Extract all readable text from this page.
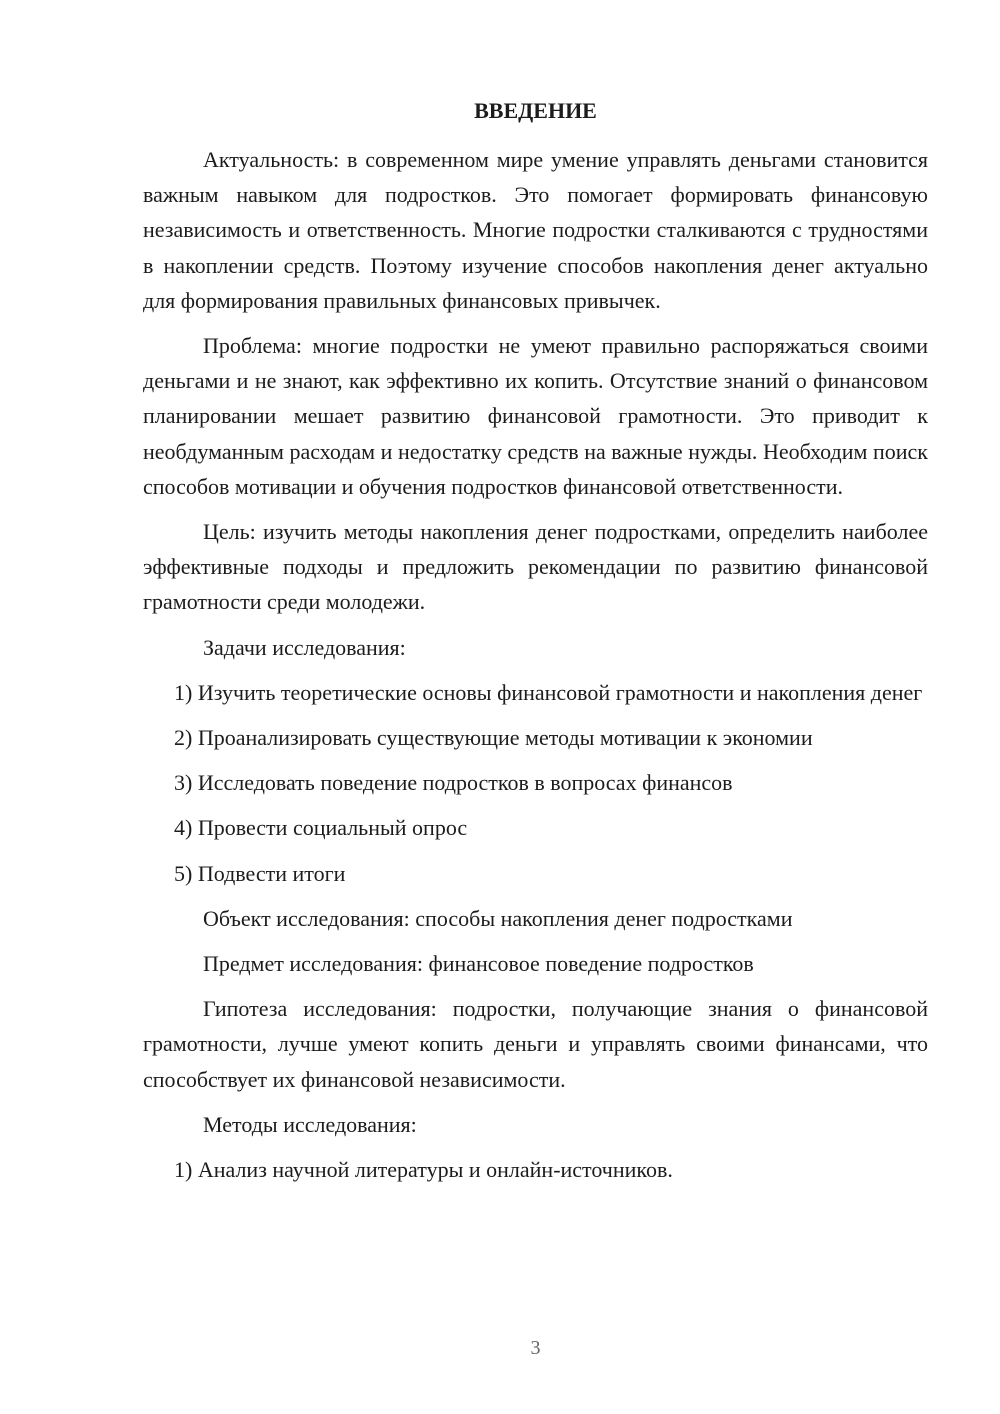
ВВЕДЕНИЕ

Актуальность: в современном мире умение управлять деньгами становится важным навыком для подростков. Это помогает формировать финансовую независимость и ответственность. Многие подростки сталкиваются с трудностями в накоплении средств. Поэтому изучение способов накопления денег актуально для формирования правильных финансовых привычек.

Проблема: многие подростки не умеют правильно распоряжаться своими деньгами и не знают, как эффективно их копить. Отсутствие знаний о финансовом планировании мешает развитию финансовой грамотности. Это приводит к необдуманным расходам и недостатку средств на важные нужды. Необходим поиск способов мотивации и обучения подростков финансовой ответственности.

Цель: изучить методы накопления денег подростками, определить наиболее эффективные подходы и предложить рекомендации по развитию финансовой грамотности среди молодежи.

Задачи исследования:

1) Изучить теоретические основы финансовой грамотности и накопления денег

2) Проанализировать существующие методы мотивации к экономии

3) Исследовать поведение подростков в вопросах финансов

4) Провести социальный опрос

5) Подвести итоги

Объект исследования: способы накопления денег подростками

Предмет исследования: финансовое поведение подростков

Гипотеза исследования: подростки, получающие знания о финансовой грамотности, лучше умеют копить деньги и управлять своими финансами, что способствует их финансовой независимости.

Методы исследования:

1) Анализ научной литературы и онлайн-источников.

3
